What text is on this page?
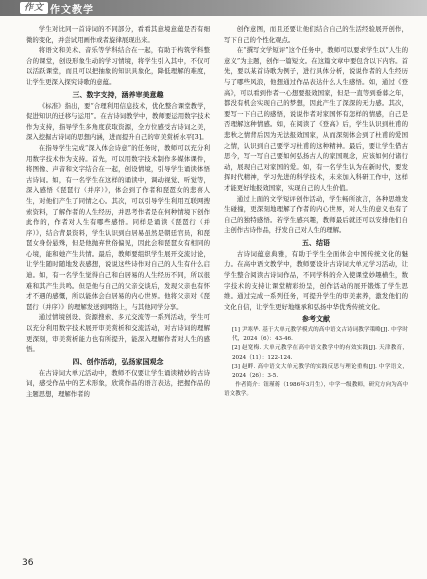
作文 作文教学

学生对比同一首诗词的不同部分，看看其意境意蕴是否有细微的变化，并尝试用画作或者旋律展现出来。

将语文和美术、音乐等学科结合在一起，有助于构筑学科整合的课堂，创设形象生动的学习情境，将学生引入其中，不仅可以活跃课堂，而且可以把抽象的知识具象化，降低理解的难度，让学生更深入探究诗歌的意蕴。

三、数字支持，涵养审美意趣

《标准》指出，要“合理利用信息技术，优化整合课堂教学，促进知识的迁移与运用”。在古诗词教学中，教师要运用数字技术作为支持，指导学生多角度获取资源，全方位感受古诗词之美，深入挖掘古诗词的思想内涵，进而提升自己的审美赏析水平[3]。

在指导学生完成“深入体会诗意”的任务时，教师可以充分利用数字技术作为支持。首先，可以用数字技术制作多媒体课件，将图像、声音和文字结合在一起，创设情境，引导学生诵读体悟古诗词。如，有一名学生在这样的诵读中，调动视觉、听觉等，深入感悟《琵琶行（并序）》，体会到了作者和琵琶女的悲喜人生，对他们产生了同情之心。其次，可以引导学生利用互联网搜索资料，了解作者的人生经历，并思考作者是在何种情境下创作此作的，作者对人生有哪些感悟。同样是诵读《琵琶行（并序）》，结合背景资料，学生认识到白居易虽然是朝廷官员，和琵琶女身份悬殊，但是他抛弃世俗偏见，因此会和琵琶女有相同的心境，能和她产生共情。最后，教师要组织学生展开交流讨论，让学生随时随地发表感想，说说这些诗作对自己的人生有什么启迪。如，有一名学生觉得自己和白居易的人生经历不同，所以很难和其产生共鸣。但是他与自己的父亲交谈后，发现父亲也有怀才不遇的感慨，所以能体会白居易的内心世界。他将父亲对《琵琶行（并序）》的理解发送到网络上，与其他同学分享。

通过情境创设、资源搜索、多元交流等一系列活动，学生可以充分利用数字技术展开审美赏析和交流活动，对古诗词的理解更深刻，审美赏析能力也有所提升，能深入理解作者对人生的感悟。

四、创作活动，弘扬家国观念

在古诗词大单元活动中，教师不仅要让学生诵读精妙的古诗词，感受作品中的艺术形象，欣赏作品的语言表达，把握作品的主题思想，理解作者的

创作意图，而且还要让他们结合自己的生活经验展开创作，写下自己的个性化观点。

在“撰写文学短评”这个任务中，教师可以要求学生以“人生的意义”为主题，创作一篇短文。在这篇文章中要包含以下内容。首先，要以某首诗歌为例子，进行具体分析，说说作者的人生经历与了哪些风浪，他想通过作品表达什么人生感悟。如，通过《登高》，可以看到作者一心想要报效国家，但是一直等到垂暮之年，都没有机会实现自己的梦想，因此产生了深深的无力感。其次，要写一下自己的感悟，说说作者对家国怀有怎样的情感，自己是否理解这种情感。如，在阅读了《登高》后，学生认识到杜甫的悲秋之情背后因为无法报效国家，从而深刻体会到了杜甫的爱国之情，认识到自己要学习杜甫的这种精神。最后，要让学生借古思今，写一写自己要如何弘扬古人的家国观念，应该如何付诸行动，展现自己对家国的爱。如，有一名学生认为在新时代，要发挥时代精神，学习先进的科学技术，未来加入科研工作中，这样才能更好地报效国家，实现自己的人生价值。

通过上面的文学短评创作活动，学生畅所欲言，各种思维发生碰撞，更深刻地理解了作者的内心世界，对人生的意义也有了自己的独特感悟。若学生感兴趣，教师最后就还可以安排他们自主创作古诗作品，抒发自己对人生的理解。

五、结语

古诗词蕴意典雅，有助于学生全面体会中国传统文化的魅力。在高中语文教学中，教师要设计古诗词大单元学习活动，让学生整合阅读古诗词作品，不同学科的介入使课堂妙趣横生，数字技术的支持让课堂精彩纷呈，创作活动的展开锻炼了学生思维。通过完成一系列任务，可提升学生的审美素养，激发他们的文化自信，让学生更好地继承和弘扬中华优秀传统文化。

参考文献

[1] 尹寒华. 基于大单元教学模式的高中语文古诗词教学策略[J]. 中学时代，2024（6）：43-46.

[2] 赵宽梅. 大单元教学在高中语文教学中的有效实践[J]. 天津教育，2024（11）：122-124.

[3] 赵畔. 高中语文大单元教学的实践反思与理论重构[J]. 中学语文，2024（26）：3-5.

作者简介：钮瑾蒋（1986年3月生），中学一级教师，研究方向为高中语文教学。

36
